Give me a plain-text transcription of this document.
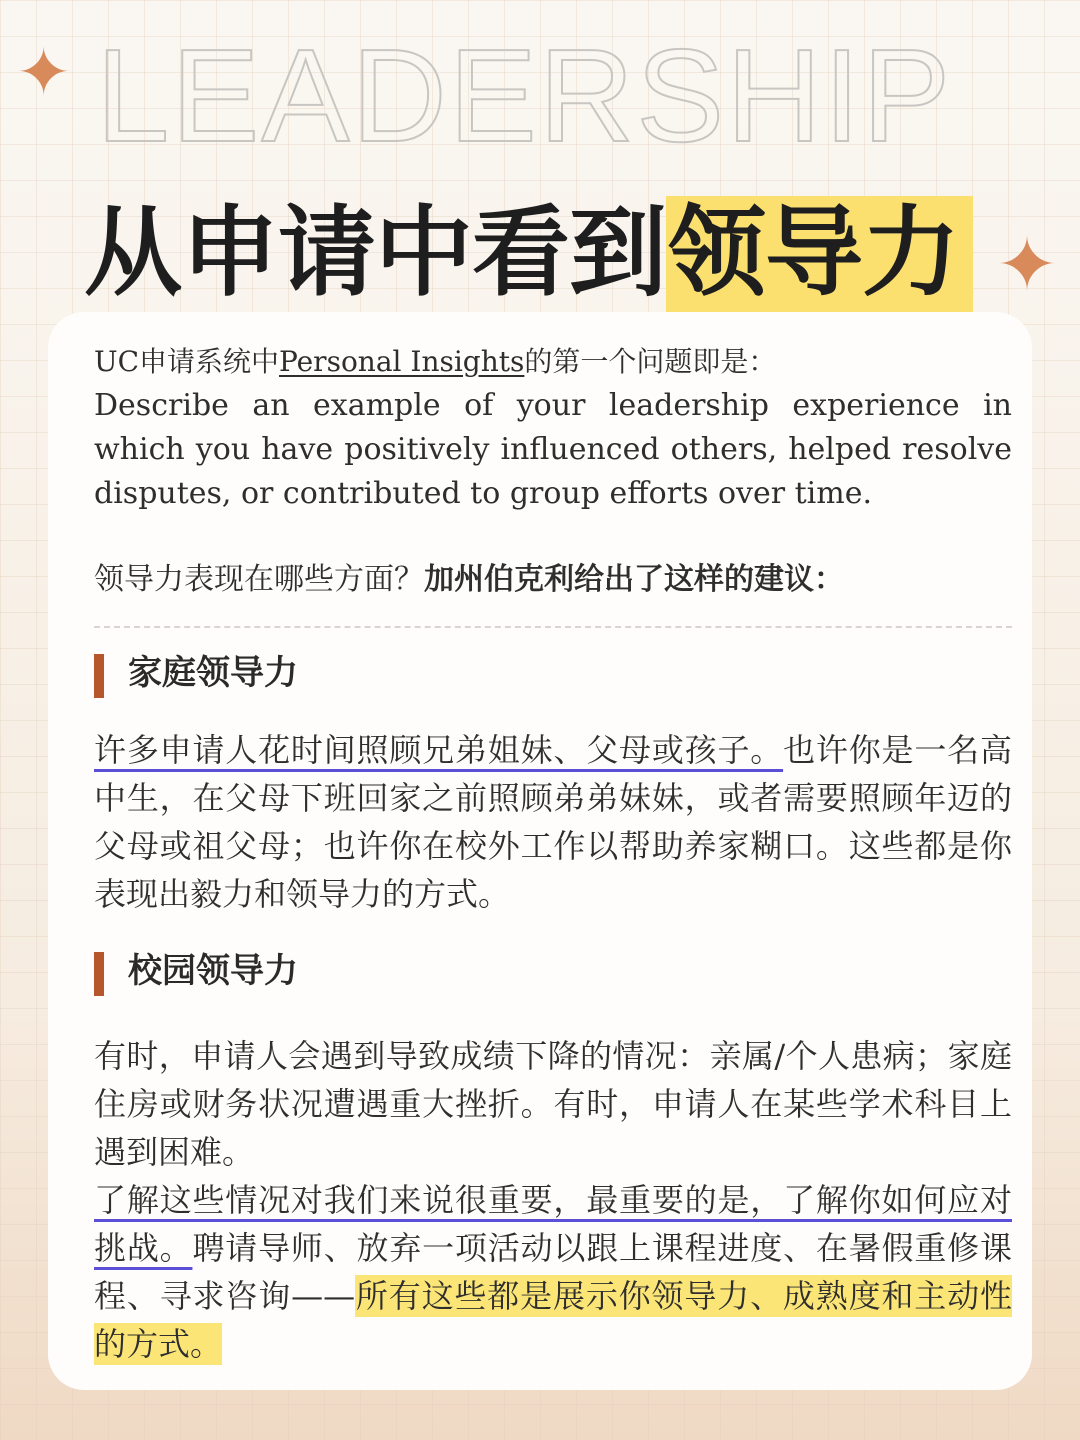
LEADERSHIP
✦
✦
从申请中看到领导力
UC申请系统中Personal Insights的第一个问题即是：

Describe an example of your leadership experience in which you have positively influenced others, helped resolve disputes, or contributed to group efforts over time.

领导力表现在哪些方面？加州伯克利给出了这样的建议：
家庭领导力
许多申请人花时间照顾兄弟姐妹、父母或孩子。也许你是一名高中生，在父母下班回家之前照顾弟弟妹妹，或者需要照顾年迈的父母或祖父母；也许你在校外工作以帮助养家糊口。这些都是你表现出毅力和领导力的方式。
校园领导力
有时，申请人会遇到导致成绩下降的情况：亲属/个人患病；家庭住房或财务状况遭遇重大挫折。有时，申请人在某些学术科目上遇到困难。
了解这些情况对我们来说很重要，最重要的是，了解你如何应对挑战。聘请导师、放弃一项活动以跟上课程进度、在暑假重修课程、寻求咨询——所有这些都是展示你领导力、成熟度和主动性的方式。
